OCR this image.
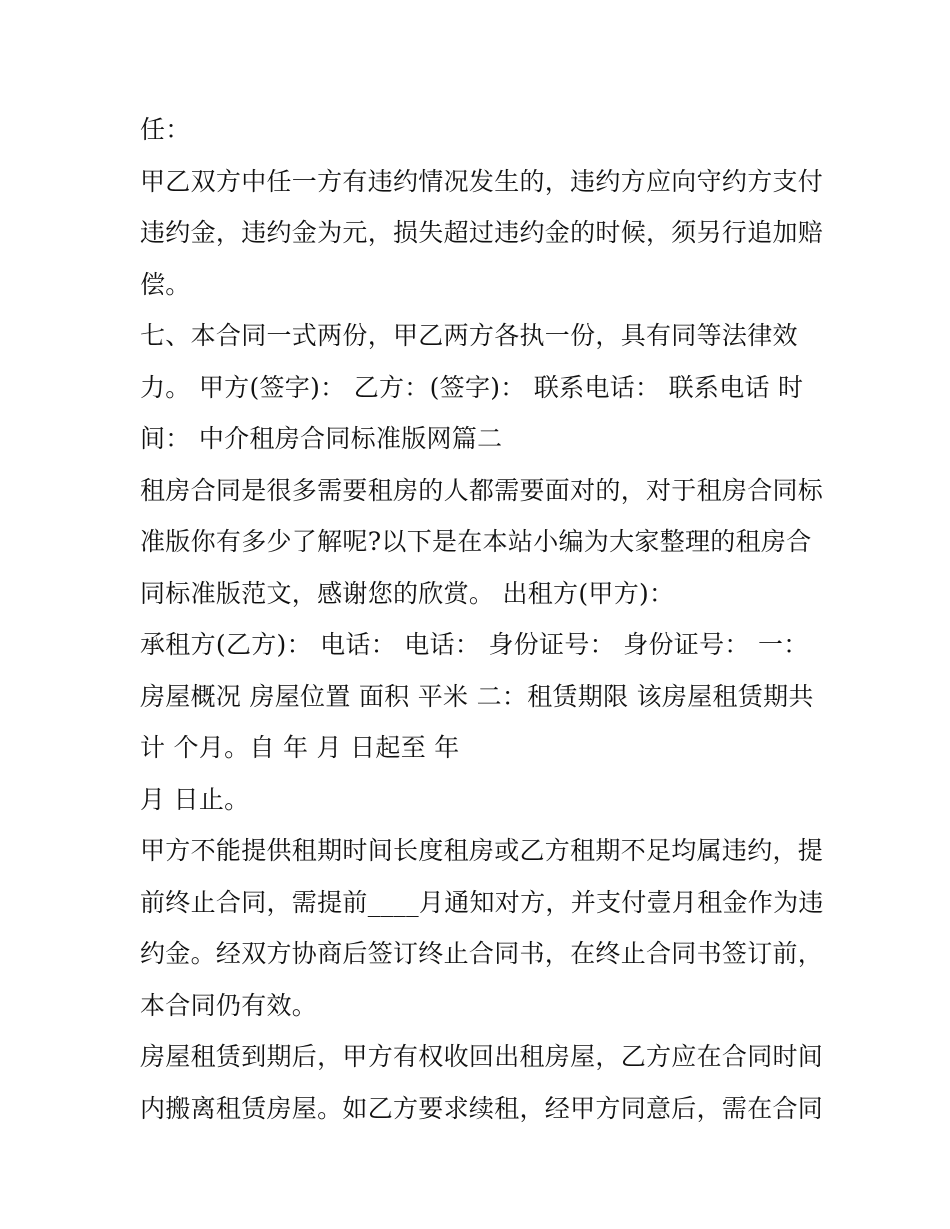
任：
甲乙双方中任一方有违约情况发生的，违约方应向守约方支付
违约金，违约金为元，损失超过违约金的时候，须另行追加赔
偿。
七、本合同一式两份，甲乙两方各执一份，具有同等法律效
力。 甲方(签字)： 乙方：(签字)： 联系电话： 联系电话 时
间： 中介租房合同标准版网篇二
租房合同是很多需要租房的人都需要面对的，对于租房合同标
准版你有多少了解呢?以下是在本站小编为大家整理的租房合
同标准版范文，感谢您的欣赏。 出租方(甲方)：
承租方(乙方)： 电话： 电话： 身份证号： 身份证号： 一：
房屋概况 房屋位置 面积 平米 二：租赁期限 该房屋租赁期共
计 个月。自 年 月 日起至 年
月 日止。
甲方不能提供租期时间长度租房或乙方租期不足均属违约，提
前终止合同，需提前____月通知对方，并支付壹月租金作为违
约金。经双方协商后签订终止合同书，在终止合同书签订前，
本合同仍有效。
房屋租赁到期后，甲方有权收回出租房屋，乙方应在合同时间
内搬离租赁房屋。如乙方要求续租，经甲方同意后，需在合同
